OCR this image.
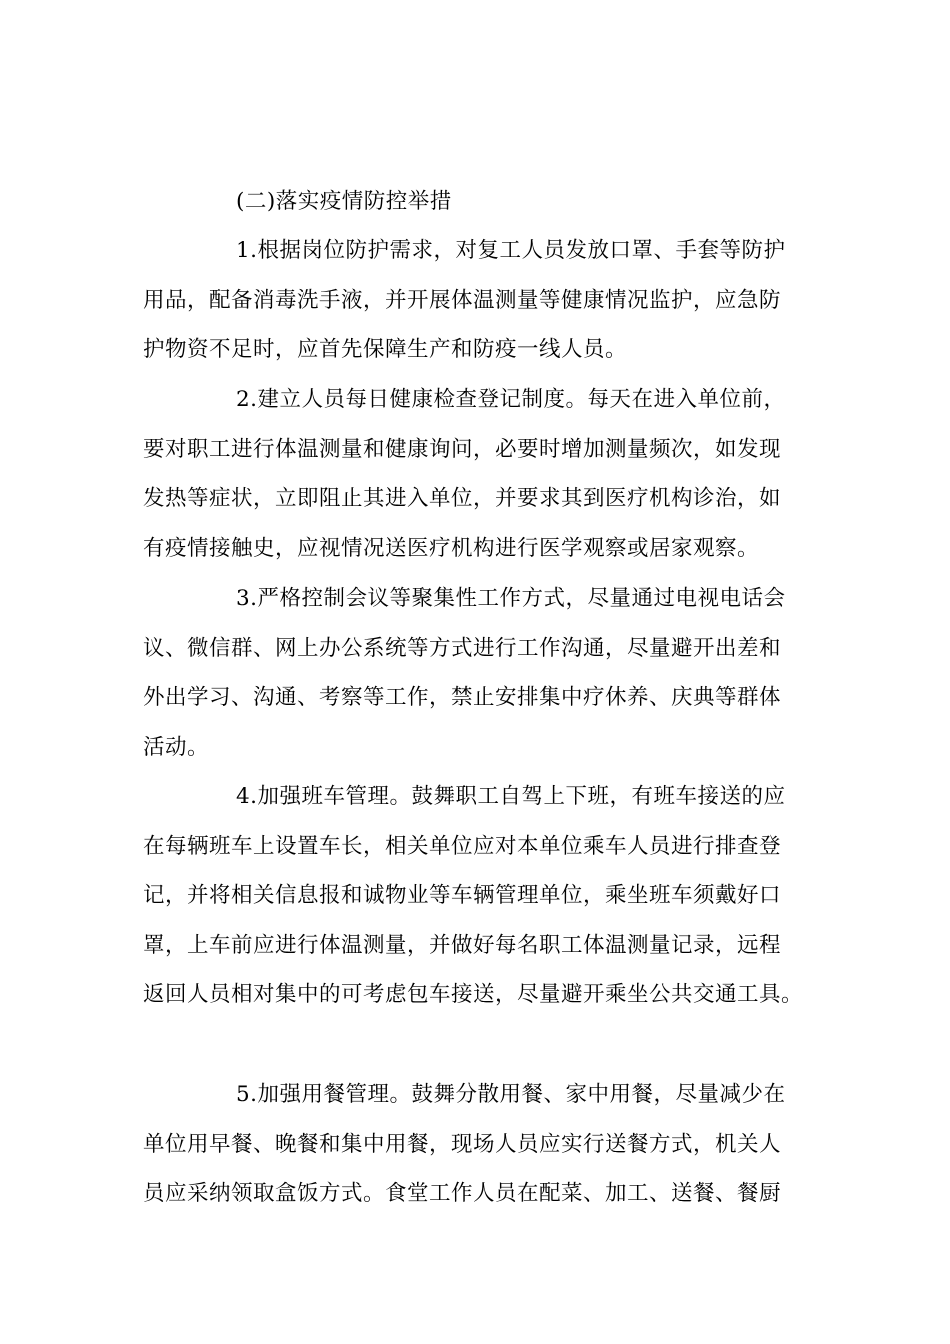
(二)落实疫情防控举措
1.根据岗位防护需求，对复工人员发放口罩、手套等防护
用品，配备消毒洗手液，并开展体温测量等健康情况监护，应急防
护物资不足时，应首先保障生产和防疫一线人员。
2.建立人员每日健康检查登记制度。每天在进入单位前，
要对职工进行体温测量和健康询问，必要时增加测量频次，如发现
发热等症状，立即阻止其进入单位，并要求其到医疗机构诊治，如
有疫情接触史，应视情况送医疗机构进行医学观察或居家观察。
3.严格控制会议等聚集性工作方式，尽量通过电视电话会
议、微信群、网上办公系统等方式进行工作沟通，尽量避开出差和
外出学习、沟通、考察等工作，禁止安排集中疗休养、庆典等群体
活动。
4.加强班车管理。鼓舞职工自驾上下班，有班车接送的应
在每辆班车上设置车长，相关单位应对本单位乘车人员进行排查登
记，并将相关信息报和诚物业等车辆管理单位，乘坐班车须戴好口
罩，上车前应进行体温测量，并做好每名职工体温测量记录，远程
返回人员相对集中的可考虑包车接送，尽量避开乘坐公共交通工具。
5.加强用餐管理。鼓舞分散用餐、家中用餐，尽量减少在
单位用早餐、晚餐和集中用餐，现场人员应实行送餐方式，机关人
员应采纳领取盒饭方式。食堂工作人员在配菜、加工、送餐、餐厨
